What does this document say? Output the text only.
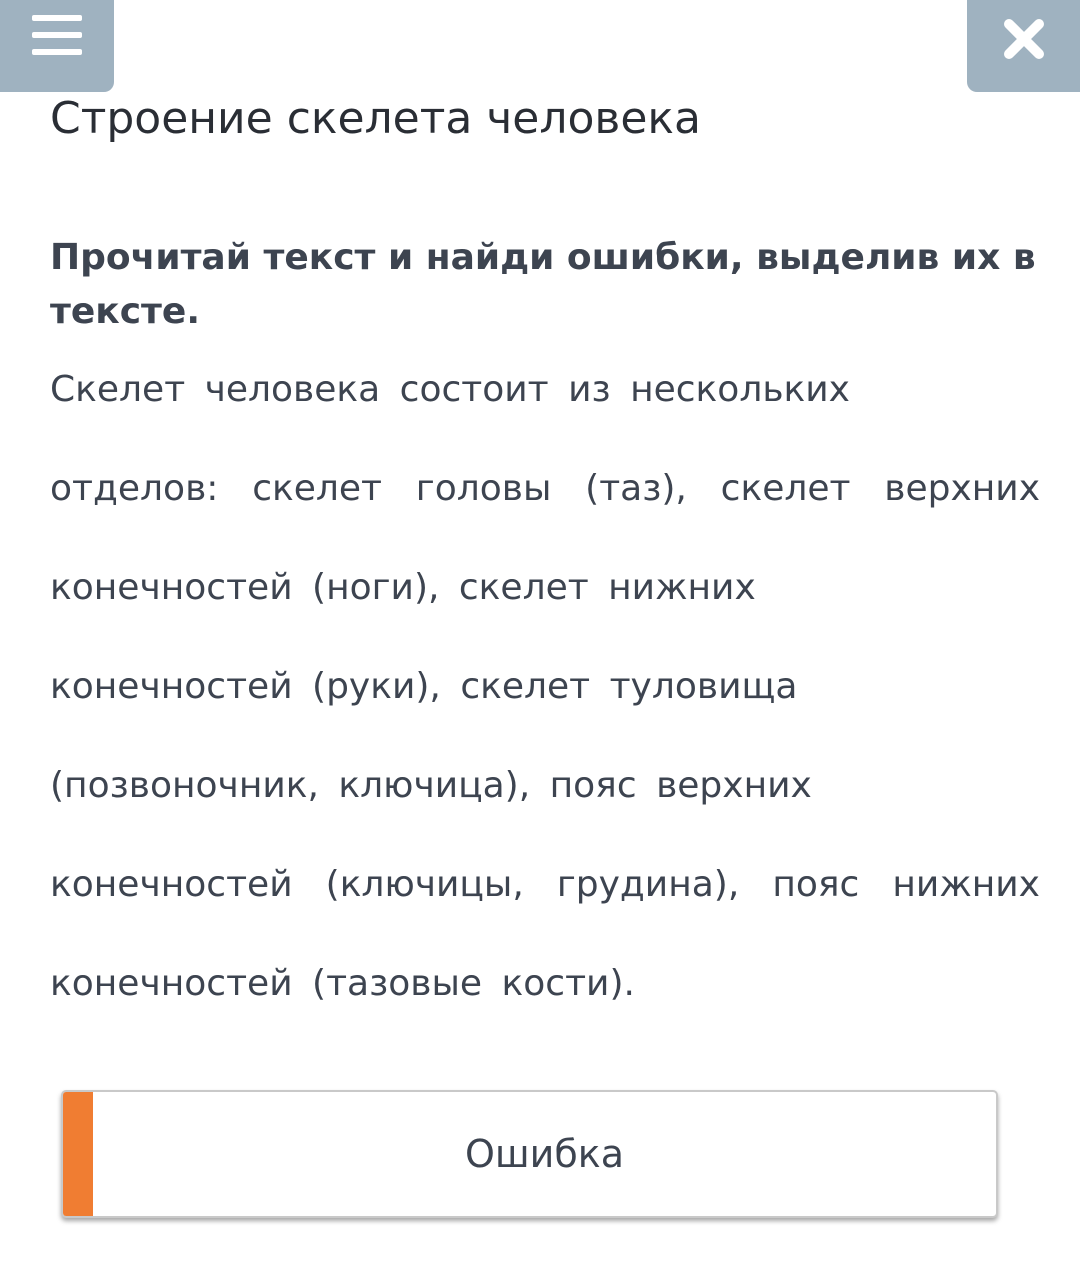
Строение скелета человека

Прочитай текст и найди ошибки, выделив их в тексте.

Скелет человека состоит из нескольких
отделов: скелет головы (таз), скелет верхних
конечностей (ноги), скелет нижних
конечностей (руки), скелет туловища
(позвоночник, ключица), пояс верхних
конечностей (ключицы, грудина), пояс нижних
конечностей (тазовые кости).
Ошибка
